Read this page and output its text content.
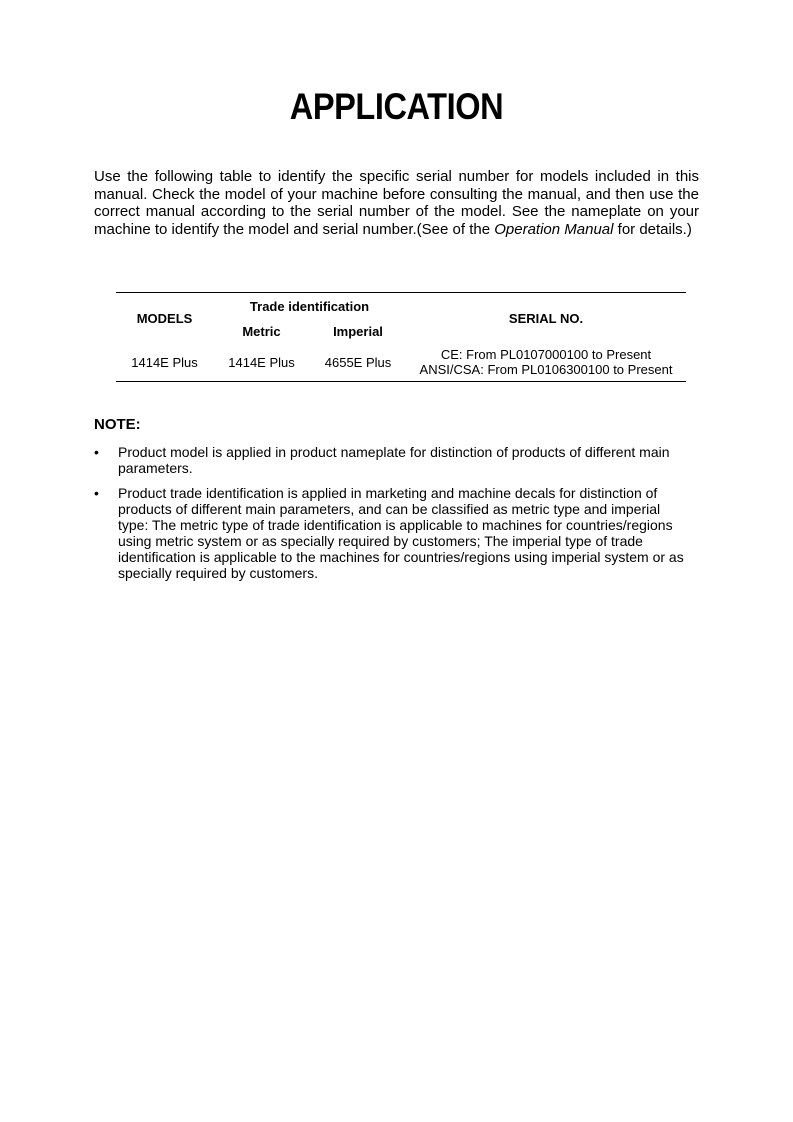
APPLICATION

Use the following table to identify the specific serial number for models included in this manual. Check the model of your machine before consulting the manual, and then use the correct manual according to the serial number of the model. See the nameplate on your machine to identify the model and serial number.(See of the Operation Manual for details.)

MODELS	Trade identification		SERIAL NO.
	Metric	Imperial	
1414E Plus	1414E Plus	4655E Plus	CE: From PL0107000100 to Present
ANSI/CSA: From PL0106300100 to Present

NOTE:

• Product model is applied in product nameplate for distinction of products of different main parameters.
• Product trade identification is applied in marketing and machine decals for distinction of products of different main parameters, and can be classified as metric type and imperial type: The metric type of trade identification is applicable to machines for countries/regions using metric system or as specially required by customers; The imperial type of trade identification is applicable to the machines for countries/regions using imperial system or as specially required by customers.
